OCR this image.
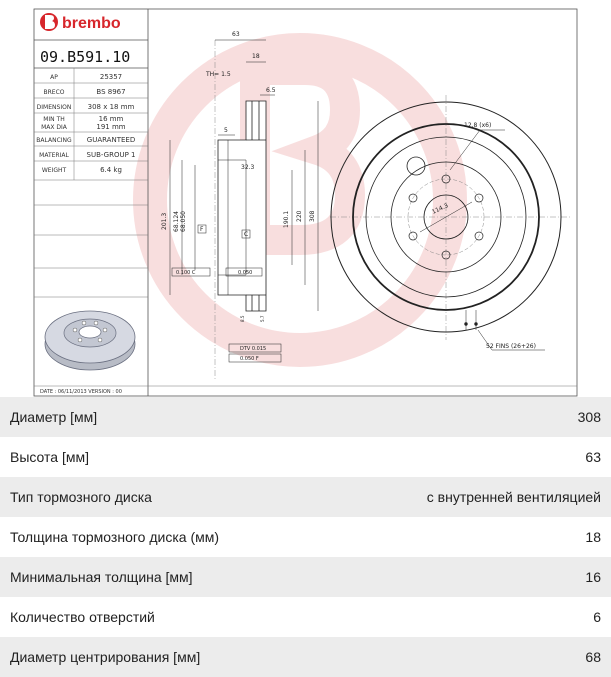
brembo
09.B591.10
AP	25357
BRECO	BS 8967
DIMENSION 308 x 18 mm
MIN TH	16 mm
MAX DIA	191 mm
BALANCING GUARANTEED
MATERIAL	SUB-GROUP 1
WEIGHT	6.4 kg
DATE : 06/11/2013 VERSION : 00
63
18
TH= 1.5
6.5
5
32.3
201.3 68.124 68.050	190.1 220 308
F
C
0.100 C	0.050
DTV 0.015
0.050 F
8.5	5.7
12.8 (x6)
114.3
52 FINS (26+26)
Диаметр [мм]	308
Высота [мм]	63
Тип тормозного диска	с внутренней вентиляцией
Толщина тормозного диска (мм)	18
Минимальная толщина [мм]	16
Количество отверстий	6
Диаметр центрирования [мм]	68
